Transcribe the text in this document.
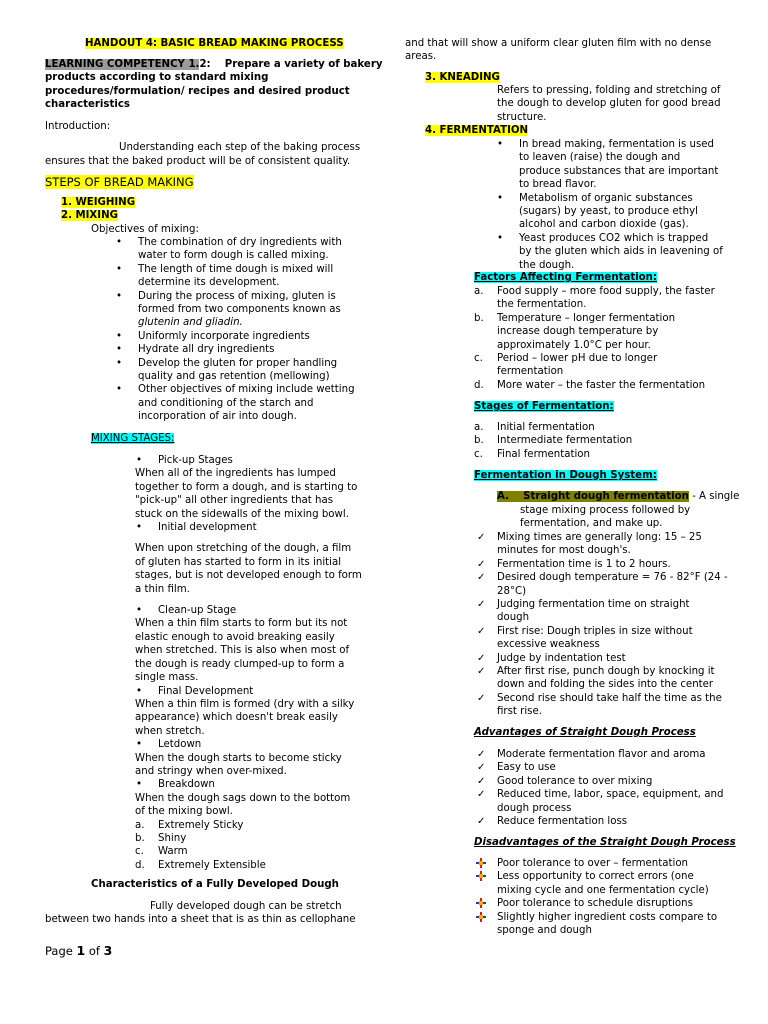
HANDOUT 4: BASIC BREAD MAKING PROCESS
LEARNING COMPETENCY 1.2: Prepare a variety of bakery
products according to standard mixing
procedures/formulation/ recipes and desired product
characteristics
Introduction:
Understanding each step of the baking process
ensures that the baked product will be of consistent quality.
STEPS OF BREAD MAKING
1. WEIGHING
2. MIXING
Objectives of mixing:
• The combination of dry ingredients with
water to form dough is called mixing.
• The length of time dough is mixed will
determine its development.
• During the process of mixing, gluten is
formed from two components known as
glutenin and gliadin.
• Uniformly incorporate ingredients
• Hydrate all dry ingredients
• Develop the gluten for proper handling
quality and gas retention (mellowing)
• Other objectives of mixing include wetting
and conditioning of the starch and
incorporation of air into dough.
MIXING STAGES:
• Pick-up Stages
When all of the ingredients has lumped
together to form a dough, and is starting to
"pick-up" all other ingredients that has
stuck on the sidewalls of the mixing bowl.
• Initial development
When upon stretching of the dough, a film
of gluten has started to form in its initial
stages, but is not developed enough to form
a thin film.
• Clean-up Stage
When a thin film starts to form but its not
elastic enough to avoid breaking easily
when stretched. This is also when most of
the dough is ready clumped-up to form a
single mass.
• Final Development
When a thin film is formed (dry with a silky
appearance) which doesn't break easily
when stretch.
• Letdown
When the dough starts to become sticky
and stringy when over-mixed.
• Breakdown
When the dough sags down to the bottom
of the mixing bowl.
a. Extremely Sticky
b. Shiny
c. Warm
d. Extremely Extensible
Characteristics of a Fully Developed Dough
Fully developed dough can be stretch
between two hands into a sheet that is as thin as cellophane
Page 1 of 3
and that will show a uniform clear gluten film with no dense
areas.
3. KNEADING
Refers to pressing, folding and stretching of
the dough to develop gluten for good bread
structure.
4. FERMENTATION
• In bread making, fermentation is used
to leaven (raise) the dough and
produce substances that are important
to bread flavor.
• Metabolism of organic substances
(sugars) by yeast, to produce ethyl
alcohol and carbon dioxide (gas).
• Yeast produces CO2 which is trapped
by the gluten which aids in leavening of
the dough.
Factors Affecting Fermentation:
a. Food supply – more food supply, the faster
the fermentation.
b. Temperature – longer fermentation
increase dough temperature by
approximately 1.0°C per hour.
c. Period – lower pH due to longer
fermentation
d. More water – the faster the fermentation
Stages of Fermentation:
a. Initial fermentation
b. Intermediate fermentation
c. Final fermentation
Fermentation in Dough System:
A. Straight dough fermentation - A single
stage mixing process followed by
fermentation, and make up.
✓ Mixing times are generally long: 15 – 25
minutes for most dough's.
✓ Fermentation time is 1 to 2 hours.
✓ Desired dough temperature = 76 - 82°F (24 -
28°C)
✓ Judging fermentation time on straight
dough
✓ First rise: Dough triples in size without
excessive weakness
✓ Judge by indentation test
✓ After first rise, punch dough by knocking it
down and folding the sides into the center
✓ Second rise should take half the time as the
first rise.
Advantages of Straight Dough Process
✓ Moderate fermentation flavor and aroma
✓ Easy to use
✓ Good tolerance to over mixing
✓ Reduced time, labor, space, equipment, and
dough process
✓ Reduce fermentation loss
Disadvantages of the Straight Dough Process
Poor tolerance to over – fermentation
Less opportunity to correct errors (one
mixing cycle and one fermentation cycle)
Poor tolerance to schedule disruptions
Slightly higher ingredient costs compare to
sponge and dough
